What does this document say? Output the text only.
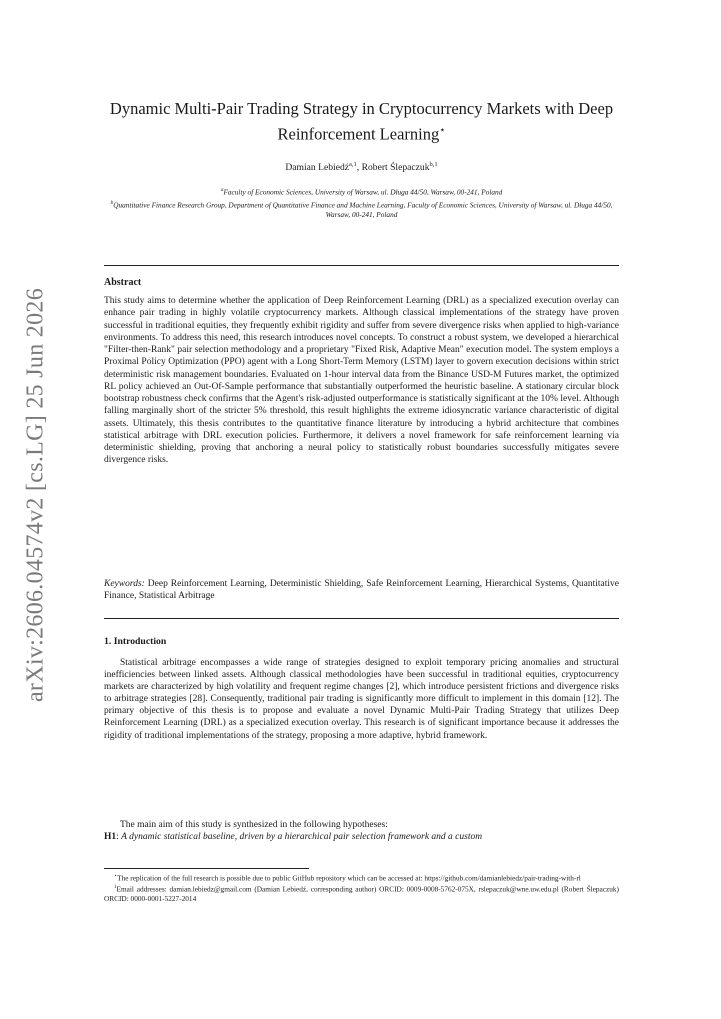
arXiv:2606.04574v2 [cs.LG] 25 Jun 2026
Dynamic Multi-Pair Trading Strategy in Cryptocurrency Markets with Deep Reinforcement Learning⋆
Damian Lebiedź$^{a,1}$, Robert Ślepaczuk$^{b,1}$
$^a$Faculty of Economic Sciences, University of Warsaw, ul. Długa 44/50, Warsaw, 00-241, Poland
$^b$Quantitative Finance Research Group, Department of Quantitative Finance and Machine Learning, Faculty of Economic Sciences, University of Warsaw, ul. Długa 44/50, Warsaw, 00-241, Poland
Abstract
This study aims to determine whether the application of Deep Reinforcement Learning (DRL) as a specialized execution overlay can enhance pair trading in highly volatile cryptocurrency markets. Although classical implementations of the strategy have proven successful in traditional equities, they frequently exhibit rigidity and suffer from severe divergence risks when applied to high-variance environments. To address this need, this research introduces novel concepts. To construct a robust system, we developed a hierarchical "Filter-then-Rank" pair selection methodology and a proprietary "Fixed Risk, Adaptive Mean" execution model. The system employs a Proximal Policy Optimization (PPO) agent with a Long Short-Term Memory (LSTM) layer to govern execution decisions within strict deterministic risk management boundaries. Evaluated on 1-hour interval data from the Binance USD-M Futures market, the optimized RL policy achieved an Out-Of-Sample performance that substantially outperformed the heuristic baseline. A stationary circular block bootstrap robustness check confirms that the Agent's risk-adjusted outperformance is statistically significant at the 10% level. Although falling marginally short of the stricter 5% threshold, this result highlights the extreme idiosyncratic variance characteristic of digital assets. Ultimately, this thesis contributes to the quantitative finance literature by introducing a hybrid architecture that combines statistical arbitrage with DRL execution policies. Furthermore, it delivers a novel framework for safe reinforcement learning via deterministic shielding, proving that anchoring a neural policy to statistically robust boundaries successfully mitigates severe divergence risks.
Keywords: Deep Reinforcement Learning, Deterministic Shielding, Safe Reinforcement Learning, Hierarchical Systems, Quantitative Finance, Statistical Arbitrage
1. Introduction
Statistical arbitrage encompasses a wide range of strategies designed to exploit temporary pricing anomalies and structural inefficiencies between linked assets. Although classical methodologies have been successful in traditional equities, cryptocurrency markets are characterized by high volatility and frequent regime changes [2], which introduce persistent frictions and divergence risks to arbitrage strategies [28]. Consequently, traditional pair trading is significantly more difficult to implement in this domain [12]. The primary objective of this thesis is to propose and evaluate a novel Dynamic Multi-Pair Trading Strategy that utilizes Deep Reinforcement Learning (DRL) as a specialized execution overlay. This research is of significant importance because it addresses the rigidity of traditional implementations of the strategy, proposing a more adaptive, hybrid framework.
The main aim of this study is synthesized in the following hypotheses:
H1: A dynamic statistical baseline, driven by a hierarchical pair selection framework and a custom

⋆The replication of the full research is possible due to public GitHub repository which can be accessed at: https://github.com/damianlebiedz/pair-trading-with-rl

$^1$Email addresses: damian.lebiedz@gmail.com (Damian Lebiedź, corresponding author) ORCID: 0009-0008-5762-075X, rslepaczuk@wne.uw.edu.pl (Robert Ślepaczuk) ORCID: 0000-0001-5227-2014
